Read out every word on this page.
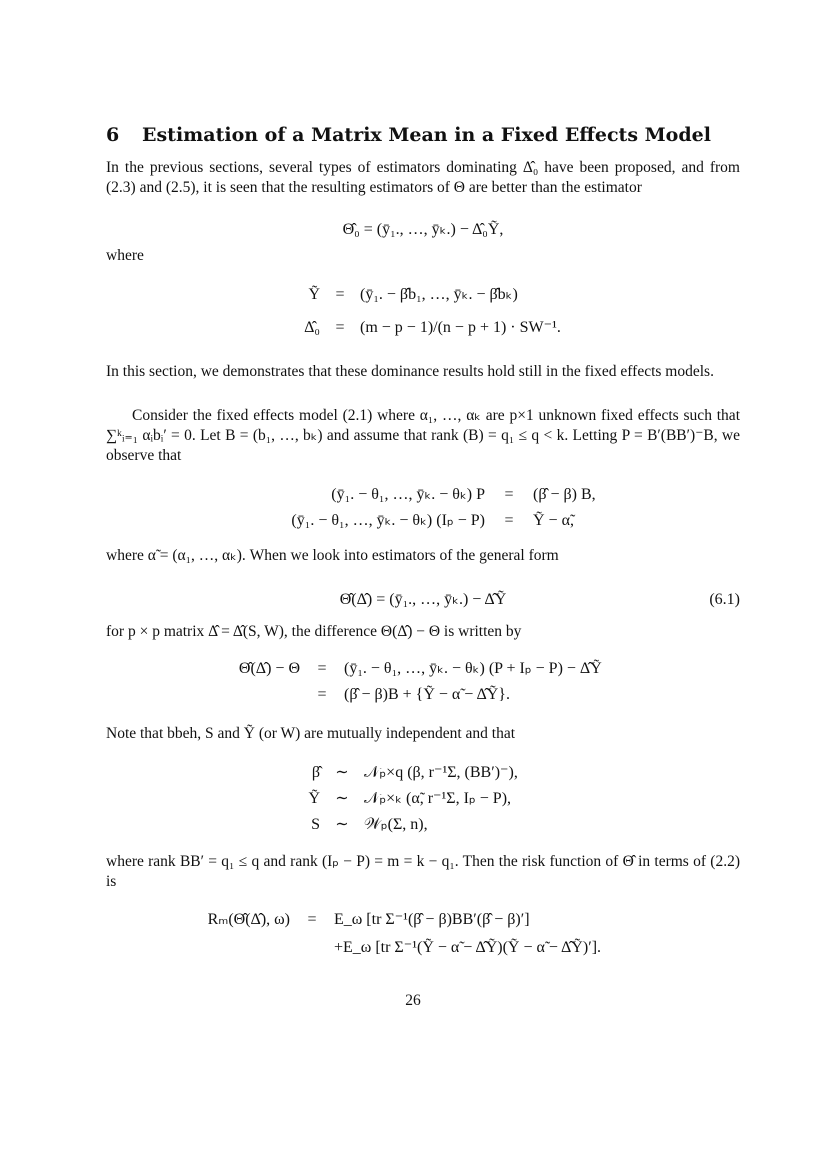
6 Estimation of a Matrix Mean in a Fixed Effects Model
In the previous sections, several types of estimators dominating Δ̂₀ have been proposed, and from (2.3) and (2.5), it is seen that the resulting estimators of Θ are better than the estimator
Θ̂₀ = (ȳ₁., …, ȳₖ.) − Δ̂₀Ỹ,
where
Ỹ = (ȳ₁. − β̂b₁, …, ȳₖ. − β̂bₖ)
Δ̂₀ = (m − p − 1)/(n − p + 1) · SW⁻¹.
In this section, we demonstrates that these dominance results hold still in the fixed effects models.
Consider the fixed effects model (2.1) where α₁, …, αₖ are p×1 unknown fixed effects such that ∑ᵏᵢ₌₁ αᵢbᵢ′ = 0. Let B = (b₁, …, bₖ) and assume that rank (B) = q₁ ≤ q < k. Letting P = B′(BB′)⁻B, we observe that
(ȳ₁. − θ₁, …, ȳₖ. − θₖ) P = (β̂ − β) B,
(ȳ₁. − θ₁, …, ȳₖ. − θₖ) (Iₚ − P) = Ỹ − α̃,
where α̃ = (α₁, …, αₖ). When we look into estimators of the general form
Θ̂(Δ̂) = (ȳ₁., …, ȳₖ.) − Δ̂Ỹ	(6.1)
for p × p matrix Δ̂ = Δ̂(S, W), the difference Θ(Δ̂) − Θ is written by
Θ̂(Δ̂) − Θ = (ȳ₁. − θ₁, …, ȳₖ. − θₖ) (P + Iₚ − P) − Δ̂Ỹ
= (β̂ − β)B + {Ỹ − α̃ − Δ̂Ỹ}.
Note that bbeh, S and Ỹ (or W) are mutually independent and that
β̂ ∼ 𝒩ₚ×q (β, r⁻¹Σ, (BB′)⁻),
Ỹ ∼ 𝒩ₚ×ₖ (α̃, r⁻¹Σ, Iₚ − P),
S ∼ 𝒲ₚ(Σ, n),
where rank BB′ = q₁ ≤ q and rank (Iₚ − P) = m = k − q₁. Then the risk function of Θ̂ in terms of (2.2) is
Rₘ(Θ̂(Δ̂), ω) = E_ω [tr Σ⁻¹(β̂ − β)BB′(β̂ − β)′]
+E_ω [tr Σ⁻¹(Ỹ − α̃ − Δ̂Ỹ)(Ỹ − α̃ − Δ̂Ỹ)′].
26
